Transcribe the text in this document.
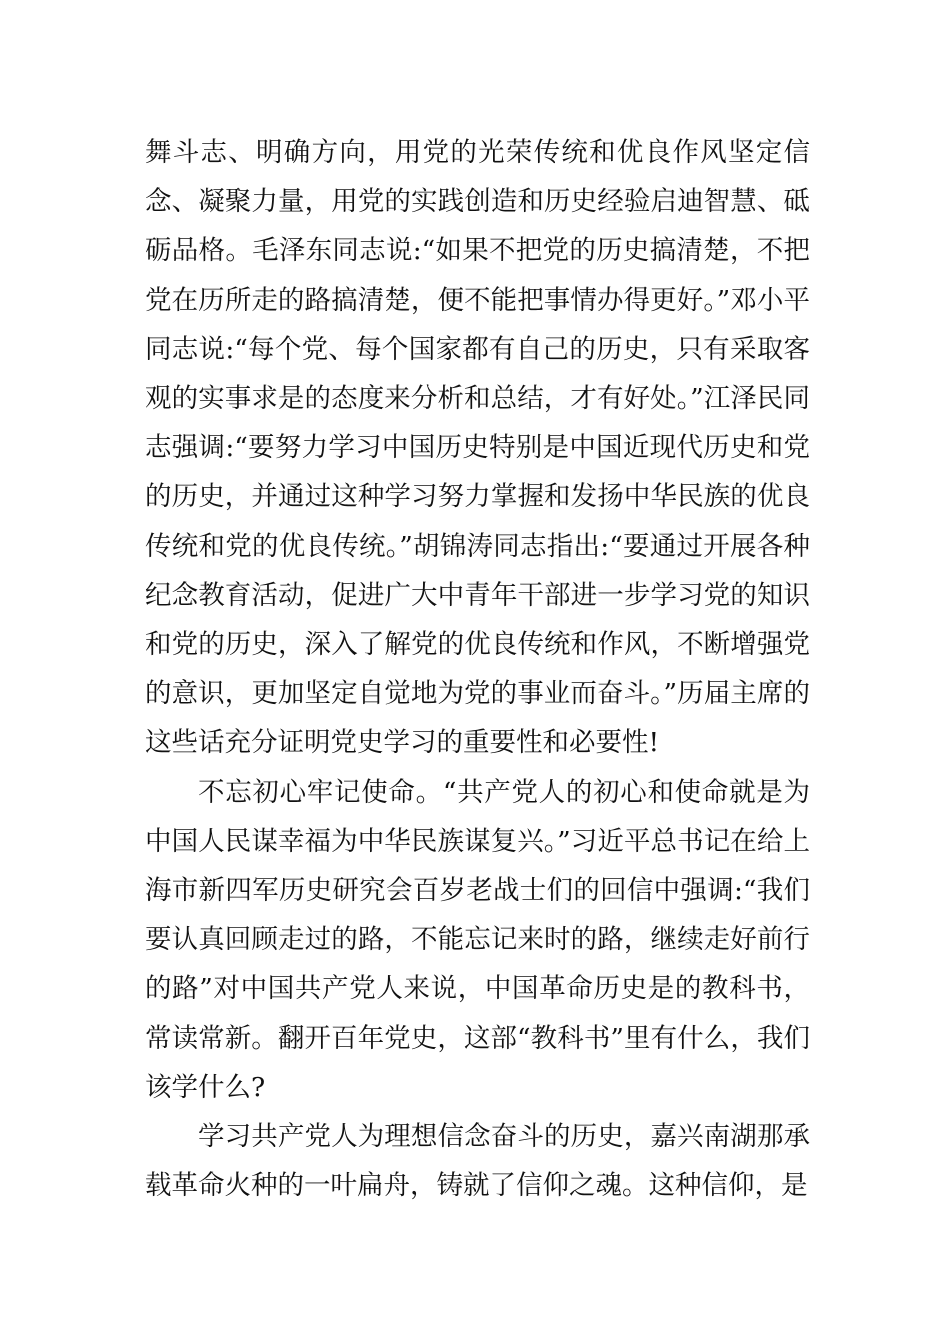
舞斗志、明确方向，用党的光荣传统和优良作风坚定信念、凝聚力量，用党的实践创造和历史经验启迪智慧、砥砺品格。毛泽东同志说:“如果不把党的历史搞清楚，不把党在历所走的路搞清楚，便不能把事情办得更好。”邓小平同志说:“每个党、每个国家都有自己的历史，只有采取客观的实事求是的态度来分析和总结，才有好处。”江泽民同志强调:“要努力学习中国历史特别是中国近现代历史和党的历史，并通过这种学习努力掌握和发扬中华民族的优良传统和党的优良传统。”胡锦涛同志指出:“要通过开展各种纪念教育活动，促进广大中青年干部进一步学习党的知识和党的历史，深入了解党的优良传统和作风，不断增强党的意识，更加坚定自觉地为党的事业而奋斗。”历届主席的这些话充分证明党史学习的重要性和必要性!

不忘初心牢记使命。“共产党人的初心和使命就是为中国人民谋幸福为中华民族谋复兴。”习近平总书记在给上海市新四军历史研究会百岁老战士们的回信中强调:“我们要认真回顾走过的路，不能忘记来时的路，继续走好前行的路”对中国共产党人来说，中国革命历史是的教科书，常读常新。翻开百年党史，这部“教科书”里有什么，我们该学什么?

学习共产党人为理想信念奋斗的历史，嘉兴南湖那承载革命火种的一叶扁舟，铸就了信仰之魂。这种信仰，是
